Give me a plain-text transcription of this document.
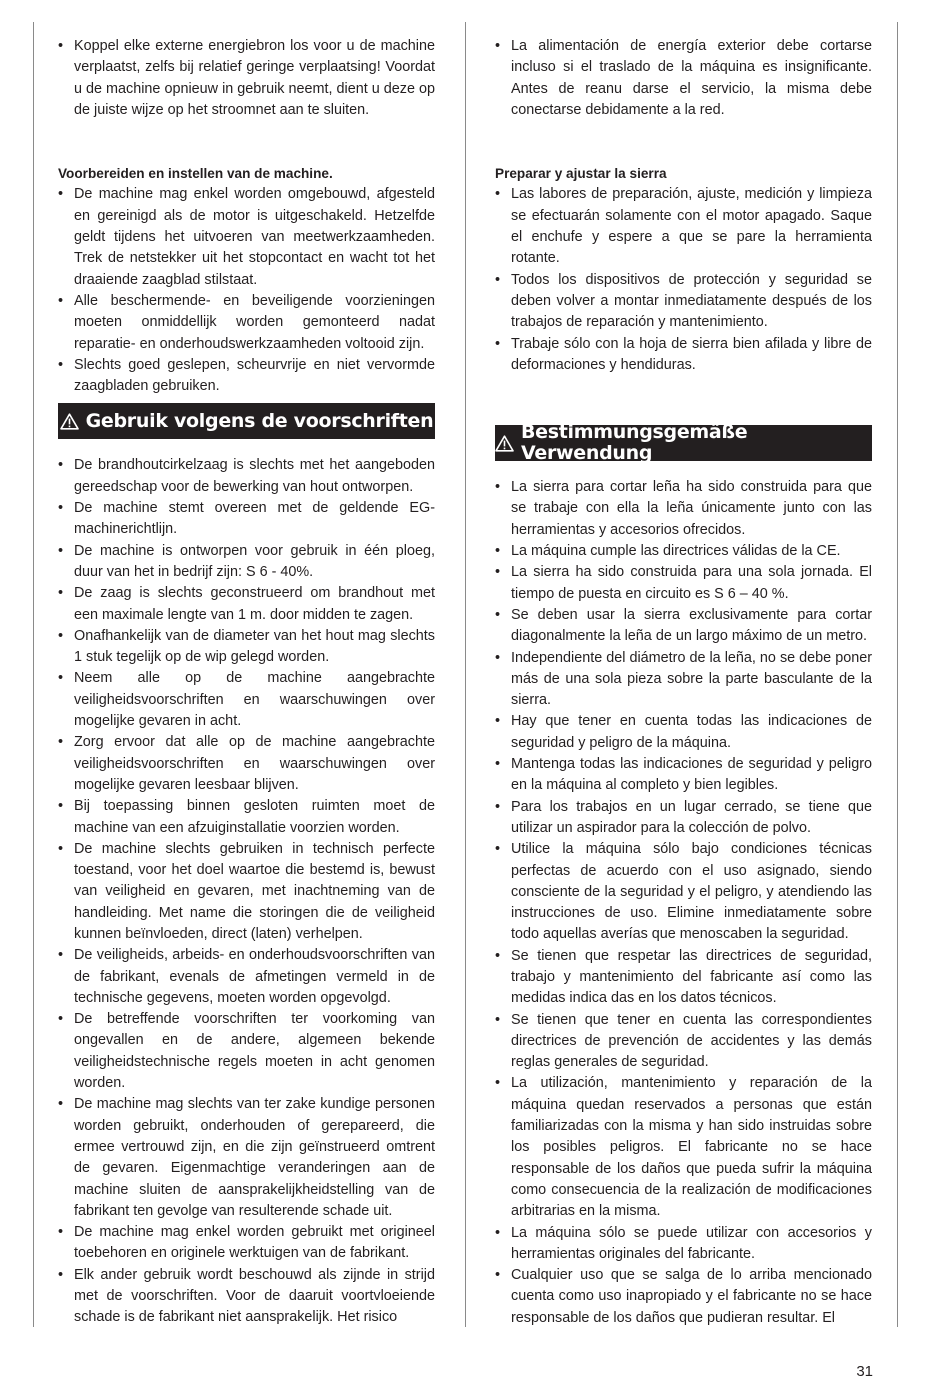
• Koppel elke externe energiebron los voor u de machine verplaatst, zelfs bij relatief geringe verplaatsing! Voordat u de machine opnieuw in gebruik neemt, dient u deze op de juiste wijze op het stroomnet aan te sluiten.
Voorbereiden en instellen van de machine.
• De machine mag enkel worden omgebouwd, afgesteld en gereinigd als de motor is uitgeschakeld. Hetzelfde geldt tijdens het uitvoeren van meetwerkzaamheden. Trek de netstekker uit het stopcontact en wacht tot het draaiende zaagblad stilstaat.
• Alle beschermende- en beveiligende voorzieningen moeten onmiddellijk worden gemonteerd nadat reparatie- en onderhoudswerkzaamheden voltooid zijn.
• Slechts goed geslepen, scheurvrije en niet vervormde zaagbladen gebruiken.
Gebruik volgens de voorschriften
• De brandhoutcirkelzaag is slechts met het aangeboden gereedschap voor de bewerking van hout ontworpen.
• De machine stemt overeen met de geldende EG-machinerichtlijn.
• De machine is ontworpen voor gebruik in één ploeg, duur van het in bedrijf zijn: S 6 - 40%.
• De zaag is slechts geconstrueerd om brandhout met een maximale lengte van 1 m. door midden te zagen.
• Onafhankelijk van de diameter van het hout mag slechts 1 stuk tegelijk op de wip gelegd worden.
• Neem alle op de machine aangebrachte veiligheidsvoorschriften en waarschuwingen over mogelijke gevaren in acht.
• Zorg ervoor dat alle op de machine aangebrachte veiligheidsvoorschriften en waarschuwingen over mogelijke gevaren leesbaar blijven.
• Bij toepassing binnen gesloten ruimten moet de machine van een afzuiginstallatie voorzien worden.
• De machine slechts gebruiken in technisch perfecte toestand, voor het doel waartoe die bestemd is, bewust van veiligheid en gevaren, met inachtneming van de handleiding. Met name die storingen die de veiligheid kunnen beïnvloeden, direct (laten) verhelpen.
• De veiligheids, arbeids- en onderhoudsvoorschriften van de fabrikant, evenals de afmetingen vermeld in de technische gegevens, moeten worden opgevolgd.
• De betreffende voorschriften ter voorkoming van ongevallen en de andere, algemeen bekende veiligheidstechnische regels moeten in acht genomen worden.
• De machine mag slechts van ter zake kundige personen worden gebruikt, onderhouden of gerepareerd, die ermee vertrouwd zijn, en die zijn geïnstrueerd omtrent de gevaren. Eigenmachtige veranderingen aan de machine sluiten de aansprakelijkheidstelling van de fabrikant ten gevolge van resulterende schade uit.
• De machine mag enkel worden gebruikt met origineel toebehoren en originele werktuigen van de fabrikant.
• Elk ander gebruik wordt beschouwd als zijnde in strijd met de voorschriften. Voor de daaruit voortvloeiende schade is de fabrikant niet aansprakelijk. Het risico
• La alimentación de energía exterior debe cortarse incluso si el traslado de la máquina es insignificante. Antes de reanu darse el servicio, la misma debe conectarse debidamente a la red.
Preparar y ajustar la sierra
• Las labores de preparación, ajuste, medición y limpieza se efectuarán solamente con el motor apagado. Saque el enchufe y espere a que se pare la herramienta rotante.
• Todos los dispositivos de protección y seguridad se deben volver a montar inmediatamente después de los trabajos de reparación y mantenimiento.
• Trabaje sólo con la hoja de sierra bien afilada y libre de deformaciones y hendiduras.
Bestimmungsgemäße Verwendung
• La sierra para cortar leña ha sido construida para que se trabaje con ella la leña únicamente junto con las herramientas y accesorios ofrecidos.
• La máquina cumple las directrices válidas de la CE.
• La sierra ha sido construida para una sola jornada. El tiempo de puesta en circuito es S 6 – 40 %.
• Se deben usar la sierra exclusivamente para cortar diagonalmente la leña de un largo máximo de un metro.
• Independiente del diámetro de la leña, no se debe poner más de una sola pieza sobre la parte basculante de la sierra.
• Hay que tener en cuenta todas las indicaciones de seguridad y peligro de la máquina.
• Mantenga todas las indicaciones de seguridad y peligro en la máquina al completo y bien legibles.
• Para los trabajos en un lugar cerrado, se tiene que utilizar un aspirador para la colección de polvo.
• Utilice la máquina sólo bajo condiciones técnicas perfectas de acuerdo con el uso asignado, siendo consciente de la seguridad y el peligro, y atendiendo las instrucciones de uso. Elimine inmediatamente sobre todo aquellas averías que menoscaben la seguridad.
• Se tienen que respetar las directrices de seguridad, trabajo y mantenimiento del fabricante así como las medidas indica das en los datos técnicos.
• Se tienen que tener en cuenta las correspondientes directrices de prevención de accidentes y las demás reglas generales de seguridad.
• La utilización, mantenimiento y reparación de la máquina quedan reservados a personas que están familiarizadas con la misma y han sido instruidas sobre los posibles peligros. El fabricante no se hace responsable de los daños que pueda sufrir la máquina como consecuencia de la realización de modificaciones arbitrarias en la misma.
• La máquina sólo se puede utilizar con accesorios y herramientas originales del fabricante.
• Cualquier uso que se salga de lo arriba mencionado cuenta como uso inapropiado y el fabricante no se hace responsable de los daños que pudieran resultar. El
31
